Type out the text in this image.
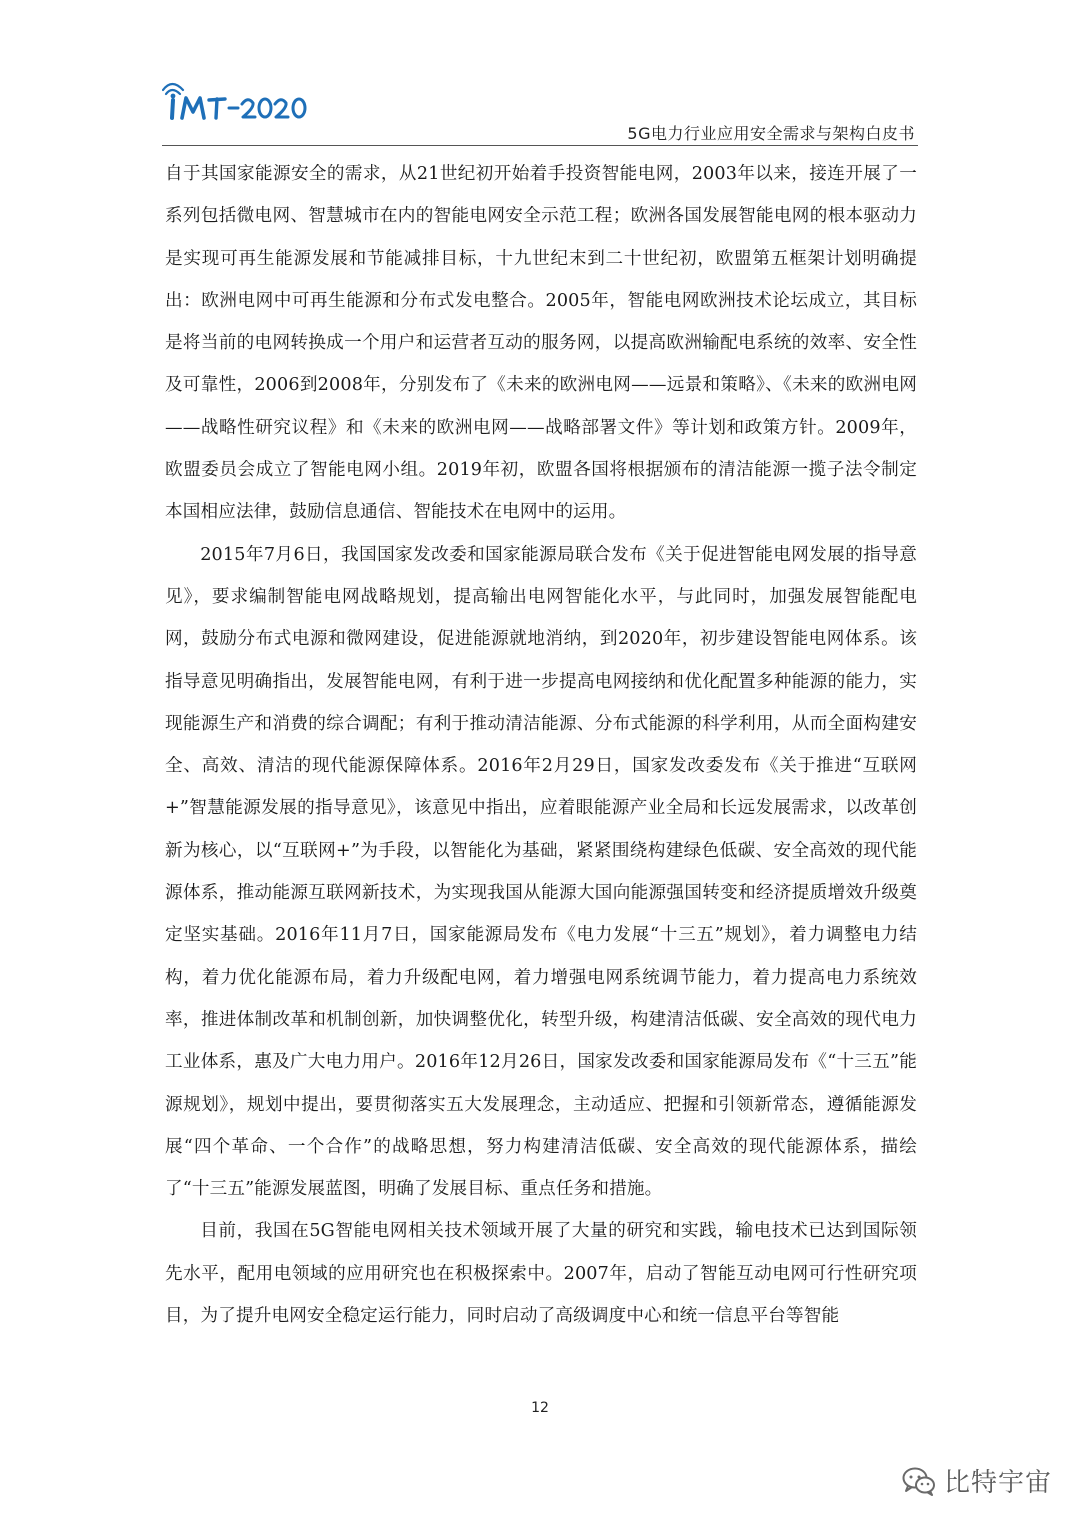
5G电力行业应用安全需求与架构白皮书

自于其国家能源安全的需求，从21世纪初开始着手投资智能电网，2003年以来，接连开展了一系列包括微电网、智慧城市在内的智能电网安全示范工程；欧洲各国发展智能电网的根本驱动力是实现可再生能源发展和节能减排目标，十九世纪末到二十世纪初，欧盟第五框架计划明确提出：欧洲电网中可再生能源和分布式发电整合。2005年，智能电网欧洲技术论坛成立，其目标是将当前的电网转换成一个用户和运营者互动的服务网，以提高欧洲输配电系统的效率、安全性及可靠性，2006到2008年，分别发布了《未来的欧洲电网——远景和策略》、《未来的欧洲电网——战略性研究议程》和《未来的欧洲电网——战略部署文件》等计划和政策方针。2009年，欧盟委员会成立了智能电网小组。2019年初，欧盟各国将根据颁布的清洁能源一揽子法令制定本国相应法律，鼓励信息通信、智能技术在电网中的运用。

2015年7月6日，我国国家发改委和国家能源局联合发布《关于促进智能电网发展的指导意见》，要求编制智能电网战略规划，提高输出电网智能化水平，与此同时，加强发展智能配电网，鼓励分布式电源和微网建设，促进能源就地消纳，到2020年，初步建设智能电网体系。该指导意见明确指出，发展智能电网，有利于进一步提高电网接纳和优化配置多种能源的能力，实现能源生产和消费的综合调配；有利于推动清洁能源、分布式能源的科学利用，从而全面构建安全、高效、清洁的现代能源保障体系。2016年2月29日，国家发改委发布《关于推进“互联网+”智慧能源发展的指导意见》，该意见中指出，应着眼能源产业全局和长远发展需求，以改革创新为核心，以“互联网+”为手段，以智能化为基础，紧紧围绕构建绿色低碳、安全高效的现代能源体系，推动能源互联网新技术，为实现我国从能源大国向能源强国转变和经济提质增效升级奠定坚实基础。2016年11月7日，国家能源局发布《电力发展“十三五”规划》，着力调整电力结构，着力优化能源布局，着力升级配电网，着力增强电网系统调节能力，着力提高电力系统效率，推进体制改革和机制创新，加快调整优化，转型升级，构建清洁低碳、安全高效的现代电力工业体系，惠及广大电力用户。2016年12月26日，国家发改委和国家能源局发布《“十三五”能源规划》，规划中提出，要贯彻落实五大发展理念，主动适应、把握和引领新常态，遵循能源发展“四个革命、一个合作”的战略思想，努力构建清洁低碳、安全高效的现代能源体系，描绘了“十三五”能源发展蓝图，明确了发展目标、重点任务和措施。

目前，我国在5G智能电网相关技术领域开展了大量的研究和实践，输电技术已达到国际领先水平，配用电领域的应用研究也在积极探索中。2007年，启动了智能互动电网可行性研究项目，为了提升电网安全稳定运行能力，同时启动了高级调度中心和统一信息平台等智能

12
比特宇宙
